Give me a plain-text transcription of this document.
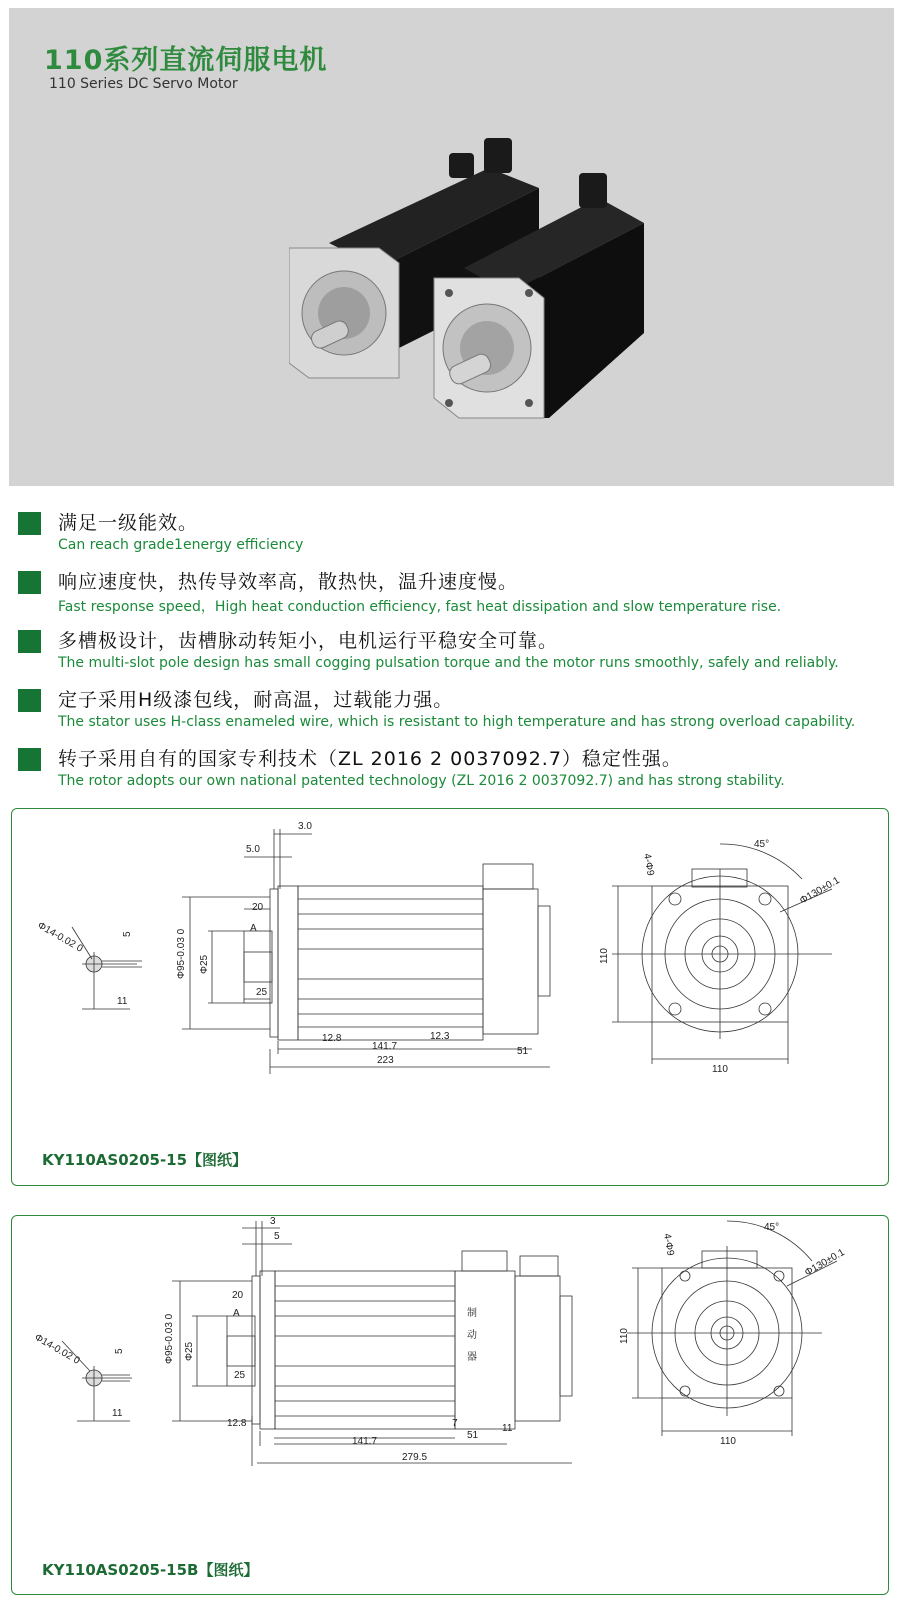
110系列直流伺服电机
110 Series DC Servo Motor
满足一级能效。
Can reach grade1energy efficiency
响应速度快，热传导效率高，散热快，温升速度慢。
Fast response speed，High heat conduction efficiency, fast heat dissipation and slow temperature rise.
多槽极设计，齿槽脉动转矩小，电机运行平稳安全可靠。
The multi-slot pole design has small cogging pulsation torque and the motor runs smoothly, safely and reliably.
定子采用H级漆包线，耐高温，过载能力强。
The stator uses H-class enameled wire, which is resistant to high temperature and has strong overload capability.
转子采用自有的国家专利技术（ZL 2016 2 0037092.7）稳定性强。
The rotor adopts our own national patented technology (ZL 2016 2 0037092.7) and has strong stability.
Φ14-0.02 0	5
11
3.0
5.0
20
Φ95-0.03 0 Φ25
25
A
12.8
141.7
12.3
51
223
45°
Φ130±0.1
4-Φ9
110
110
KY110AS0205-15【图纸】
Φ14-0.02 0	5
11
3
5
20
Φ95-0.03 0 Φ25
25
A	制
动
器
12.8	7	11
141.7
51
279.5
45°
Φ130±0.1
4-Φ9
110
110
KY110AS0205-15B【图纸】
